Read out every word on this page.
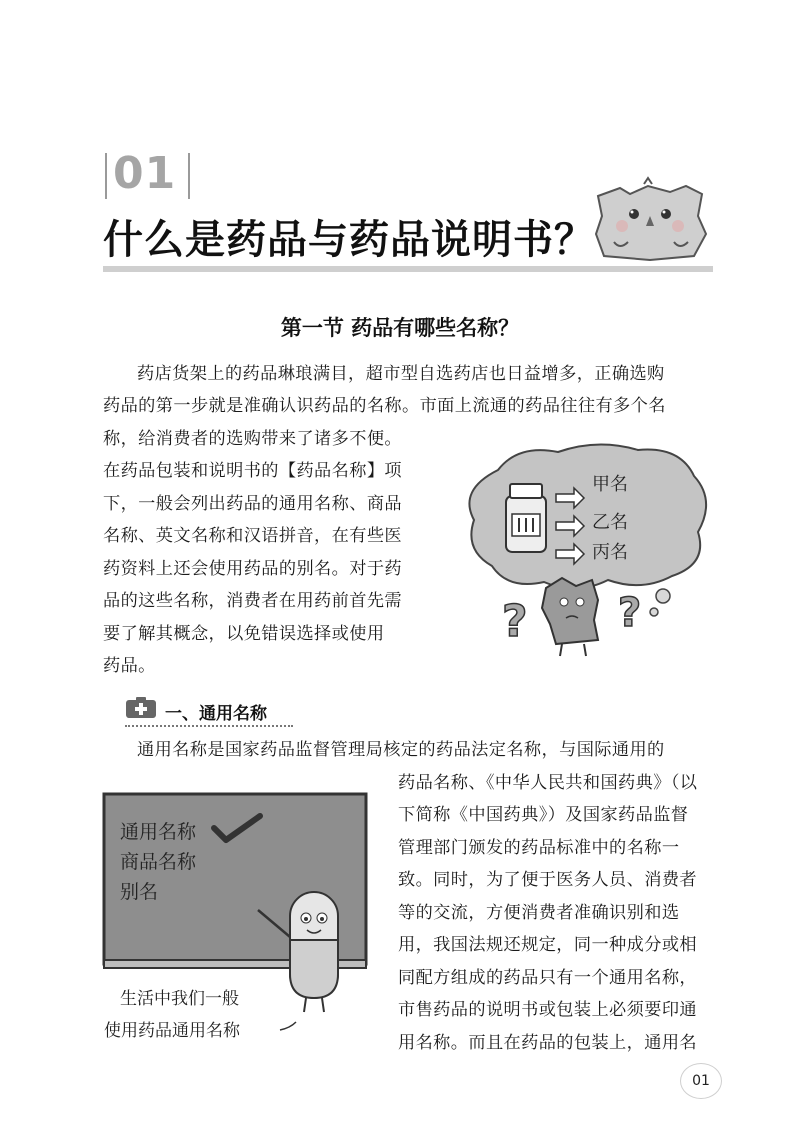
01
什么是药品与药品说明书？
第一节 药品有哪些名称？
药店货架上的药品琳琅满目，超市型自选药店也日益增多，正确选购
药品的第一步就是准确认识药品的名称。市面上流通的药品往往有多个名
称，给消费者的选购带来了诸多不便。
在药品包装和说明书的【药品名称】项
下，一般会列出药品的通用名称、商品
名称、英文名称和汉语拼音，在有些医
药资料上还会使用药品的别名。对于药
品的这些名称，消费者在用药前首先需
要了解其概念，以免错误选择或使用
药品。
甲名
乙名
丙名
? ?
一、通用名称
通用名称是国家药品监督管理局核定的药品法定名称，与国际通用的
药品名称、《中华人民共和国药典》（以
下简称《中国药典》）及国家药品监督
管理部门颁发的药品标准中的名称一
致。同时，为了便于医务人员、消费者
等的交流，方便消费者准确识别和选
用，我国法规还规定，同一种成分或相
同配方组成的药品只有一个通用名称，
市售药品的说明书或包装上必须要印通
用名称。而且在药品的包装上，通用名
通用名称
商品名称
别名
生活中我们一般
使用药品通用名称
01
